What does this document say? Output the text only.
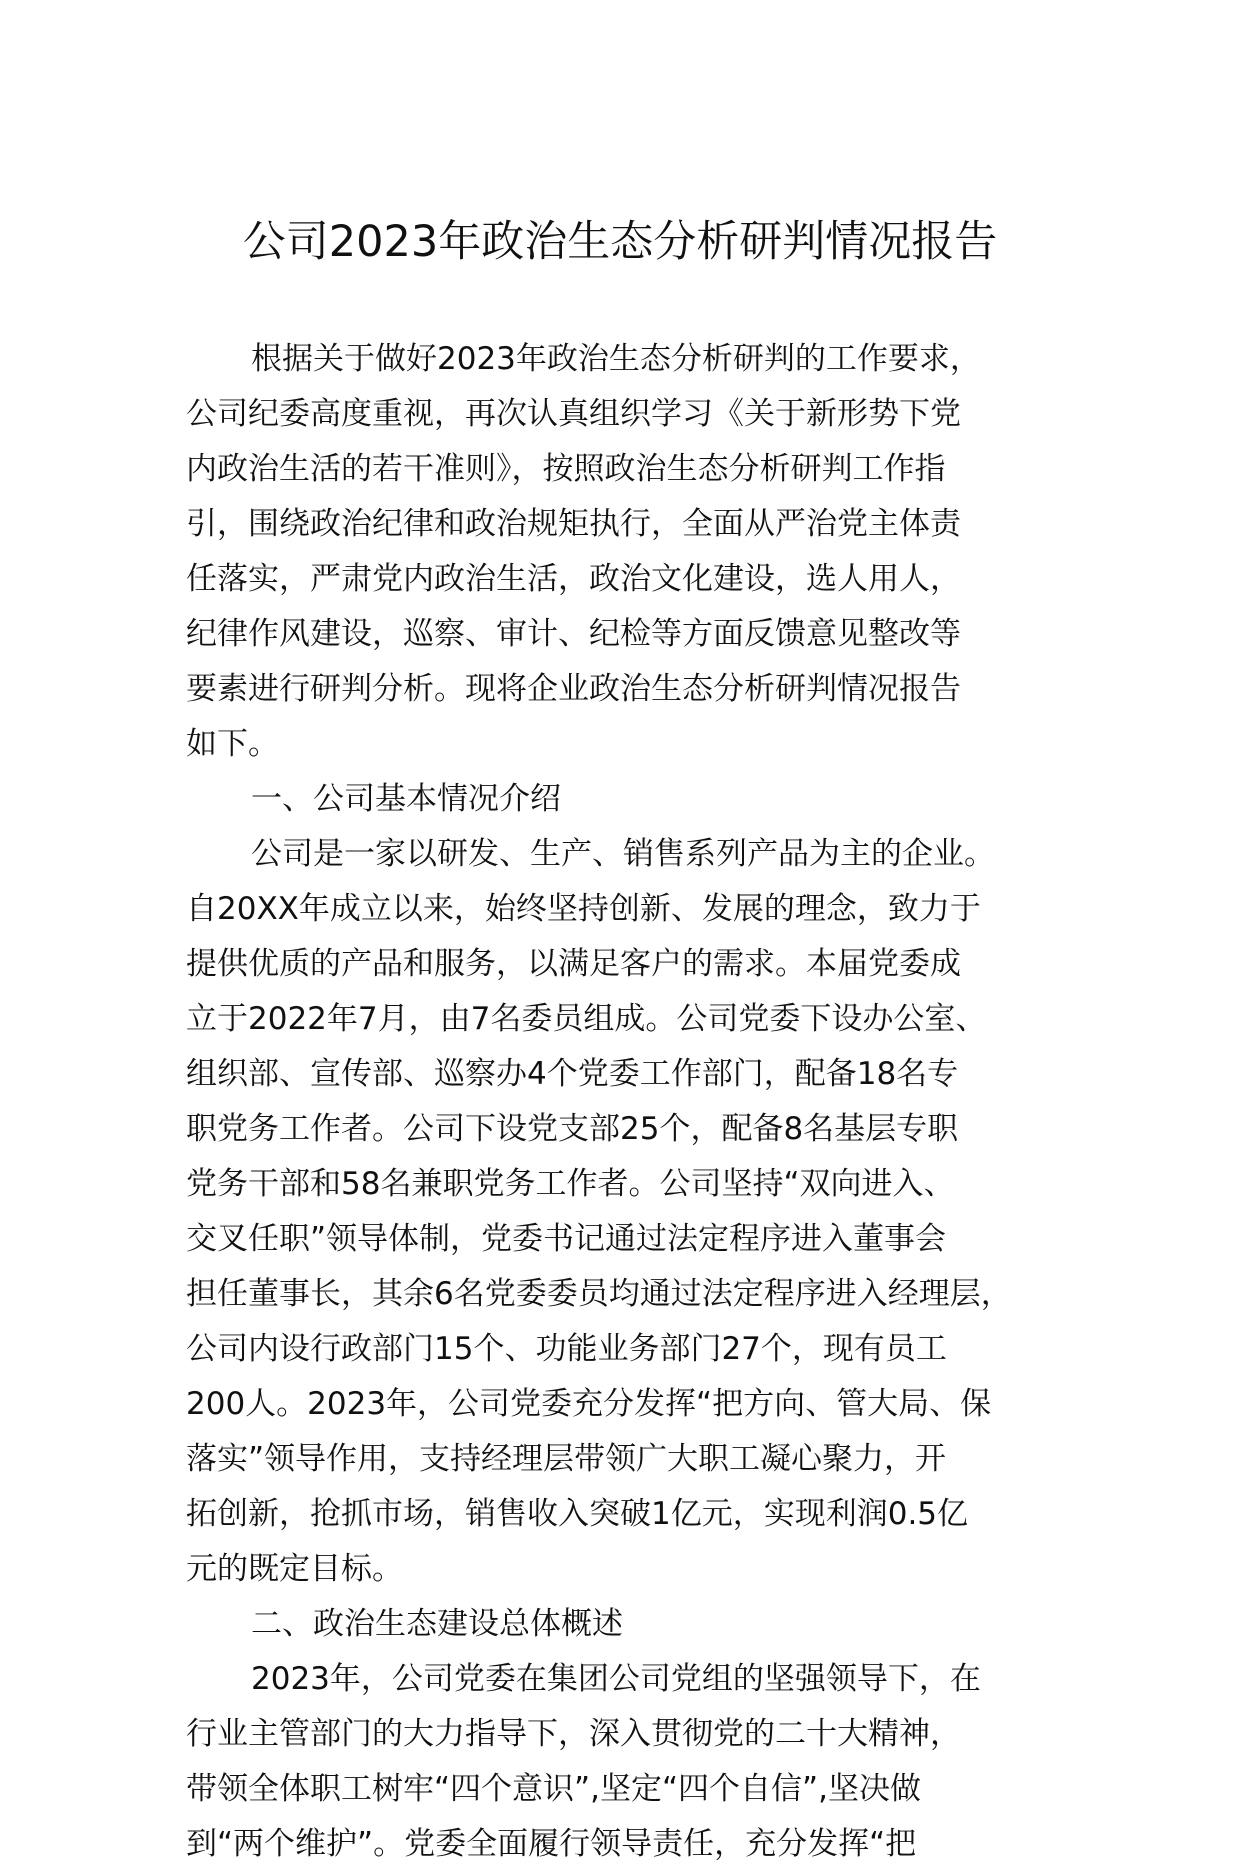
公司2023年政治生态分析研判情况报告
根据关于做好2023年政治生态分析研判的工作要求，
公司纪委高度重视，再次认真组织学习《关于新形势下党
内政治生活的若干准则》，按照政治生态分析研判工作指
引，围绕政治纪律和政治规矩执行，全面从严治党主体责
任落实，严肃党内政治生活，政治文化建设，选人用人，
纪律作风建设，巡察、审计、纪检等方面反馈意见整改等
要素进行研判分析。现将企业政治生态分析研判情况报告
如下。
一、公司基本情况介绍
公司是一家以研发、生产、销售系列产品为主的企业。
自20XX年成立以来，始终坚持创新、发展的理念，致力于
提供优质的产品和服务，以满足客户的需求。本届党委成
立于2022年7月，由7名委员组成。公司党委下设办公室、
组织部、宣传部、巡察办4个党委工作部门，配备18名专
职党务工作者。公司下设党支部25个，配备8名基层专职
党务干部和58名兼职党务工作者。公司坚持“双向进入、
交叉任职”领导体制，党委书记通过法定程序进入董事会
担任董事长，其余6名党委委员均通过法定程序进入经理层，
公司内设行政部门15个、功能业务部门27个，现有员工
200人。2023年，公司党委充分发挥“把方向、管大局、保
落实”领导作用，支持经理层带领广大职工凝心聚力，开
拓创新，抢抓市场，销售收入突破1亿元，实现利润0.5亿
元的既定目标。
二、政治生态建设总体概述
2023年，公司党委在集团公司党组的坚强领导下，在
行业主管部门的大力指导下，深入贯彻党的二十大精神，
带领全体职工树牢“四个意识”,坚定“四个自信”,坚决做
到“两个维护”。党委全面履行领导责任，充分发挥“把
